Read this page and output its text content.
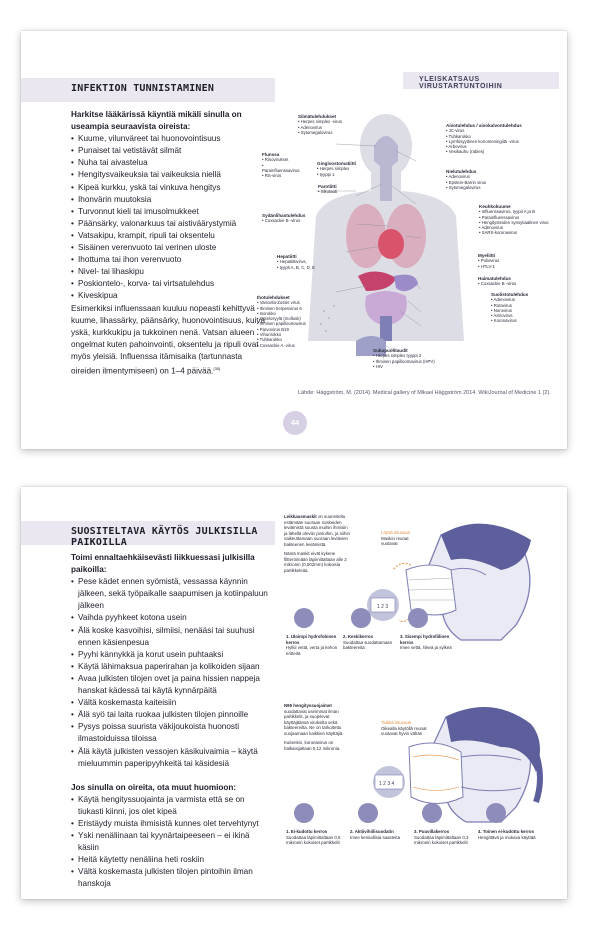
INFEKTION TUNNISTAMINEN
Harkitse lääkärissä käyntiä mikäli sinulla on useampia seuraavista oireista:
• Kuume, vilunväreet tai huonovointisuus
• Punaiset tai vetistävät silmät
• Nuha tai aivastelua
• Hengitysvaikeuksia tai vaikeuksia niellä
• Kipeä kurkku, yskä tai vinkuva hengitys
• Ihonvärin muutoksia
• Turvonnut kieli tai imusolmukkeet
• Päänsärky, valonarkuus tai aistiväärystymiä
• Vatsakipu, krampit, ripuli tai oksentelu
• Sisäinen verenvuoto tai verinen uloste
• Ihottuma tai ihon verenvuoto
• Nivel- tai lihaskipu
• Poskiontelo-, korva- tai virtsatulehdus
• Kiveskipua
Esimerkiksi influenssaan kuuluu nopeasti kehittyvä kuume, lihassärky, päänsärky, huonovointisuus, kuiva yskä, kurkkukipu ja tukkoinen nenä. Vatsan alueen ongelmat kuten pahoinvointi, oksentelu ja ripuli ovat myös yleisiä. Influenssa itämisaika (tartunnasta oireiden ilmentymiseen) on 1–4 päivää.[35]
YLEISKATSAUS VIRUSTARTUNTOIHIN
Silmätulehdukset
• Herpes simplex -virus
• Adenovirus
• Sytomegalovirus
Flunssa
• Rinovirukset
• Parainfluenssavirus
• RS-virus
Gingivostomatiitti
• Herpes simplex
• tyyppi 1
Parotiitti
• Sikotauti
Sydänlihastulehdus
• Coxsackie B -virus
Hepatiitti
• Hepatiittivirus,
• tyypit A, B, C, D, E
Ihotulehdukset
• Varicella-Zoster virus
• Ihmisen herpesvirus 6
• Isorokko
• Ontelosyylä (mollusk)
• Ihmisen papilloomavirus
• Parvovirus B19
• Vihurirokko
• Tuhkarokko
• Coxsackie A -virus
Aivotulehdus / aivokalvontulehdus
• JC-virus
• Tuhkarokko
• Lymfosyyttinen koriomeningiitti -virus
• Arbovirus
• Vesikauhu (rabies)
Nielutulehdus
• Adenovirus
• Epstein-Barrin virus
• Sytomegalovirus
Keuhkokuume
• Influenssavirus, tyypit A ja B
• Parainfluenssavirus
• Hengitysteiden synsytiaalinen virus
• Adenovirus
• SARS-koronavirus
Myeliitti
• Poliovirus
• HTLV-1
Haimatulehdus
• Coxsackie B -virus
Suolistotulehdus
• Adenovirus
• Rotavirus
• Norovirus
• Astrovirus
• Koronavirus
Sukupuolitaudit
• Herpes simplex tyyppi 2
• Ihmisen papilloomavirus (HPV)
• HIV
Lähde: Häggström, M. (2014). Medical gallery of Mikael Häggström 2014. WikiJournal of Medicine 1 (2).
44
SUOSITELTAVA KÄYTÖS JULKISILLA PAIKOILLA
Toimi ennaltaehkäisevästi liikkuessasi julkisilla paikoilla:
• Pese kädet ennen syömistä, vessassa käynnin jälkeen, sekä työpaikalle saapumisen ja kotiinpaluun jälkeen
• Vaihda pyyhkeet kotona usein
• Älä koske kasvoihisi, silmiisi, nenääsi tai suuhusi ennen käsienpesua
• Pyyhi kännykkä ja korut usein puhtaaksi
• Käytä lähimaksua paperirahan ja kolikoiden sijaan
• Avaa julkisten tilojen ovet ja paina hissien nappeja hanskat kädessä tai käytä kynnärpäitä
• Vältä koskemasta kaiteisiin
• Älä syö tai laita ruokaa julkisten tilojen pinnoille
• Pysys poissa suurista väkijoukoista huonosti ilmastoiduissa tiloissa
• Älä käytä julkisten vessojen käsikuivaimia – käytä mieluummin paperipyyhkeitä tai käsidesiä
Jos sinulla on oireita, ota muut huomioon:
• Käytä hengityssuojainta ja varmista että se on tiukasti kiinni, jos olet kipeä
• Eristäydy muista ihmisistä kunnes olet tervehtynyt
• Yski nenäliinaan tai kyynärtaipeeseen – ei ikinä käsiin
• Heitä käytetty nenäliina heti roskiin
• Vältä koskemasta julkisten tilojen pintoihin ilman hanskoja
Leikkausmaskit on suunniteltu estämään suoraan roiskeiden leviämistä suusta muihin ihmisiin ja lähellä oleviin pintoihin, ja niihin vaikeuttamaan suoraan leviävien bakteerien leviämistä.
Nämä maskit eivät kykene filtteröimään läpimittaltaan alle 2 mikronin (0,002mm) kokoisia partikkeleita.
Löysä istuvuus
Maskin reunat vuotavat
1 2 3
1. Uloimpi hydrofobinen kerros
Hylkii vettä, verta ja kehon eritteitä
2. Keskikerros
Suodattaa suodattamaan bakteereita
3. Sisempi hydrofiilinen kerros
Imee vettä, hikeä ja sylkeä
N95 hengityssuojaimet suodattavat useimmat ilman partikkelit, ja suojelevat käyttäjäänsä viruksilta sekä bakteereilta. Ne on tarkoitettu suojaamaan kaikkien käyttäjiä.
Kuitenkin, koronavirus on halkaisijaltaan 0,12 mikronia.
Tiukka istuvuus
Oikealla käytöllä reunat vuotavat hyvin vähän
1 2 3 4
1. Ei-kudottu kerros
Suodattaa läpimittaltaan 0,5 mikronin kokoiset partikkelit
2. Aktiivihiilisuodatin
Imee kemiallisia saasteita
3. Puuvillakerros
Suodattaa läpimittaltaan 0,3 mikronin kokoiset partikkelit
4. Toinen ei-kudottu kerros
Hengittävä ja mukava käyttää
